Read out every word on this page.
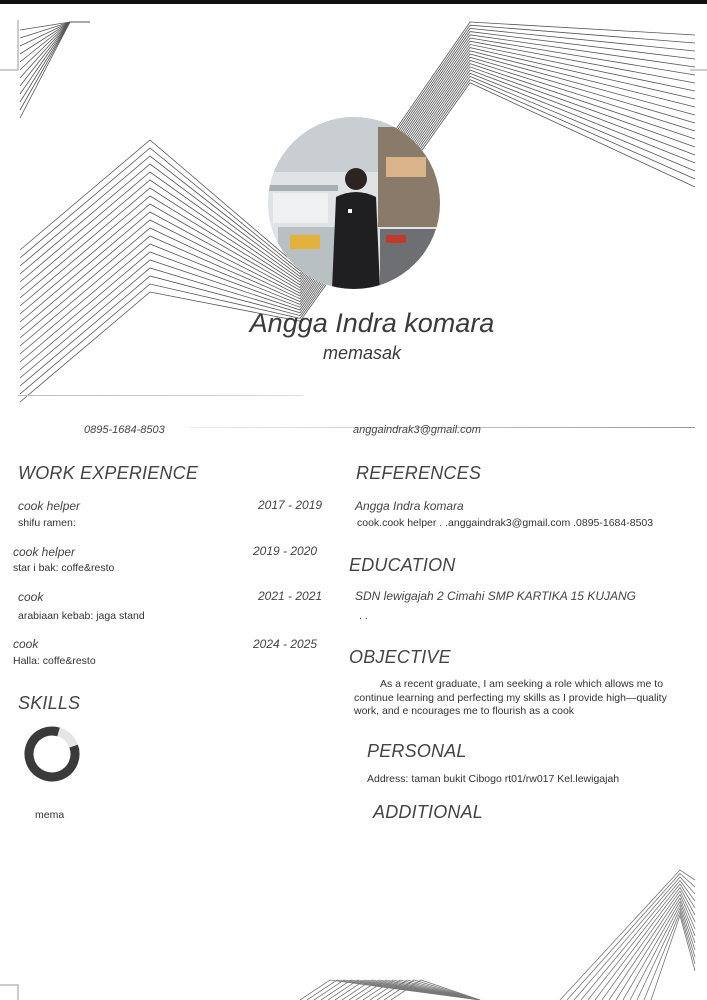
Angga Indra komara
memasak
0895-1684-8503	anggaindrak3@gmail.com
WORK EXPERIENCE
cook helper	2017 - 2019
shifu ramen:
cook helper	2019 - 2020
star i bak: coffe&resto
cook	2021 - 2021
arabiaan kebab: jaga stand
cook	2024 - 2025
Halla: coffe&resto
SKILLS
mema
REFERENCES
Angga Indra komara
cook.cook helper . .anggaindrak3@gmail.com .0895-1684-8503
EDUCATION
SDN lewigajah 2 Cimahi SMP KARTIKA 15 KUJANG
. .
OBJECTIVE
As a recent graduate, I am seeking a role which allows me to continue learning and perfecting my skills as I provide high—quality work, and e ncourages me to flourish as a cook
PERSONAL
Address: taman bukit Cibogo rt01/rw017 Kel.lewigajah
ADDITIONAL
